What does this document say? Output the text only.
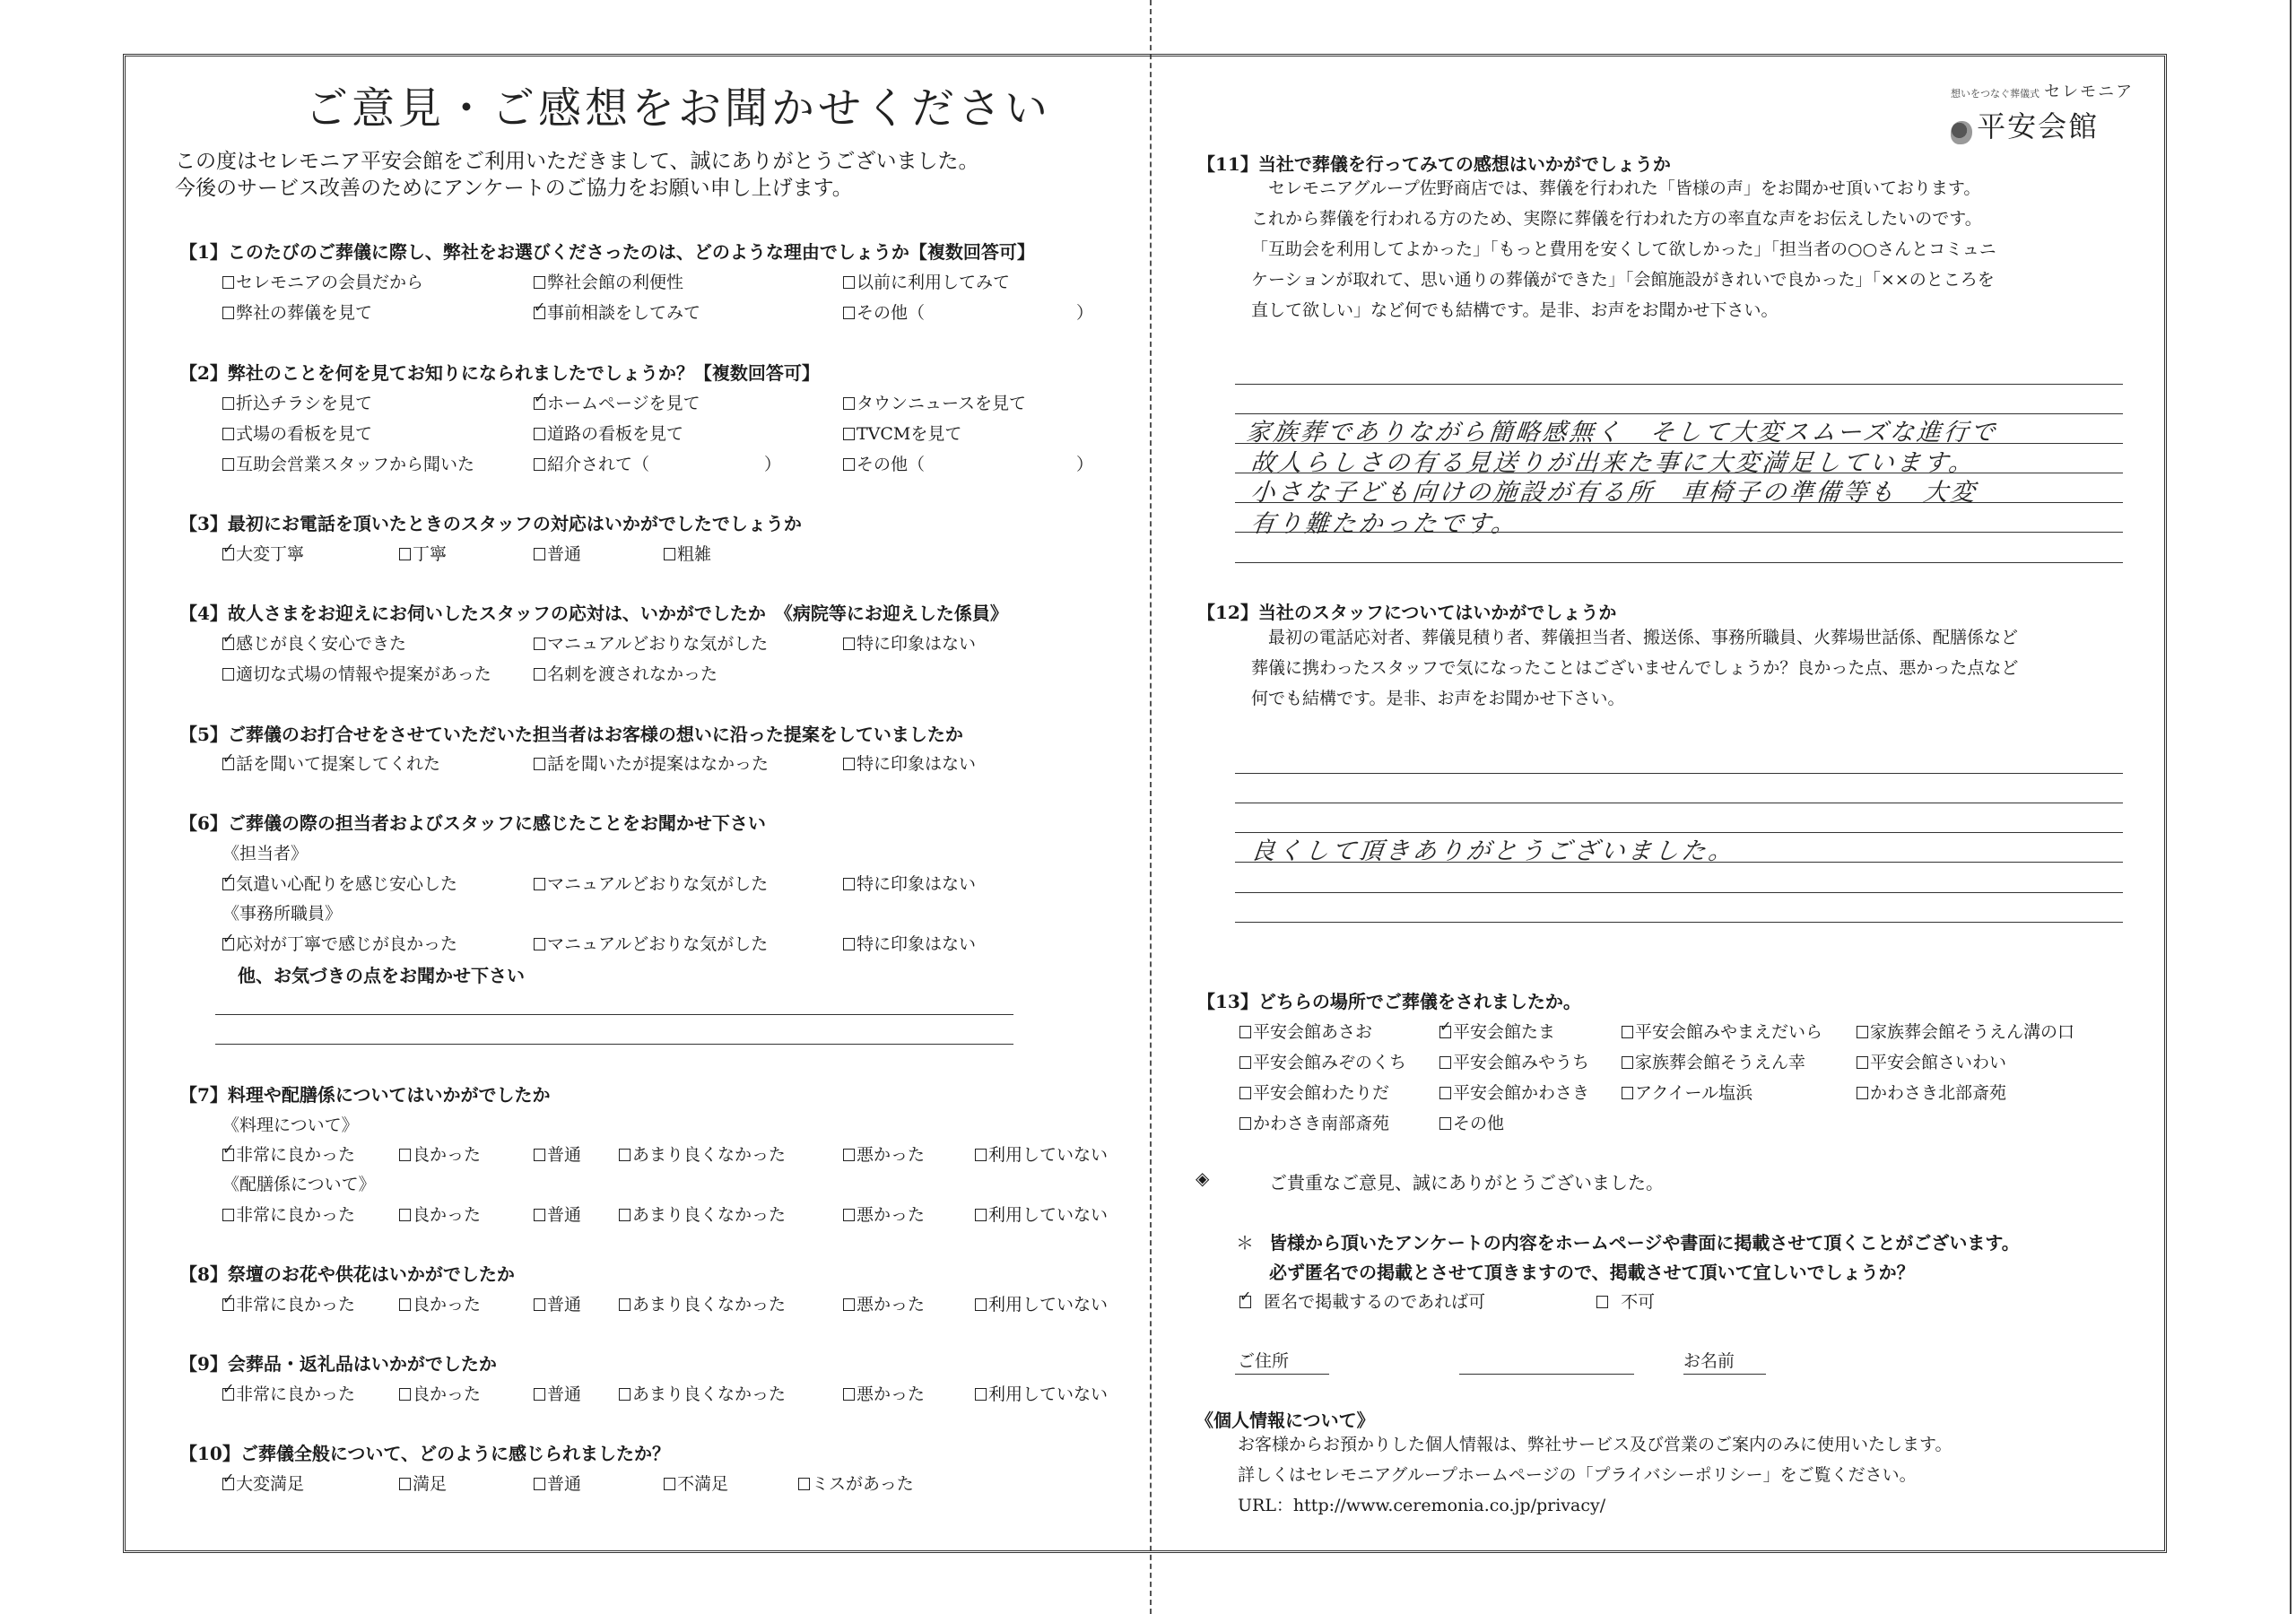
ご意見・ご感想をお聞かせください
この度はセレモニア平安会館をご利用いただきまして、誠にありがとうございました。
今後のサービス改善のためにアンケートのご協力をお願い申し上げます。
想いをつなぐ葬儀式 セレモニア
平安会館
【1】このたびのご葬儀に際し、弊社をお選びくださったのは、どのような理由でしょうか【複数回答可】
）
【2】弊社のことを何を見てお知りになられましたでしょうか？【複数回答可】
）	）
【3】最初にお電話を頂いたときのスタッフの対応はいかがでしたでしょうか
【4】故人さまをお迎えにお伺いしたスタッフの応対は、いかがでしたか　《病院等にお迎えした係員》
【5】ご葬儀のお打合せをさせていただいた担当者はお客様の想いに沿った提案をしていましたか
【6】ご葬儀の際の担当者およびスタッフに感じたことをお聞かせ下さい
《担当者》
《事務所職員》
他、お気づきの点をお聞かせ下さい
【7】料理や配膳係についてはいかがでしたか
《料理について》
《配膳係について》
【8】祭壇のお花や供花はいかがでしたか
【9】会葬品・返礼品はいかがでしたか
【10】ご葬儀全般について、どのように感じられましたか？
【11】当社で葬儀を行ってみての感想はいかがでしょうか
　セレモニアグループ佐野商店では、葬儀を行われた「皆様の声」をお聞かせ頂いております。
これから葬儀を行われる方のため、実際に葬儀を行われた方の率直な声をお伝えしたいのです。
「互助会を利用してよかった」「もっと費用を安くして欲しかった」「担当者の○○さんとコミュニ
ケーションが取れて、思い通りの葬儀ができた」「会館施設がきれいで良かった」「××のところを
直して欲しい」など何でも結構です。是非、お声をお聞かせ下さい。
家族葬でありながら簡略感無く　そして大変スムーズな進行で
故人らしさの有る見送りが出来た事に大変満足しています。
小さな子ども向けの施設が有る所　車椅子の準備等も　大変
有り難たかったです。
【12】当社のスタッフについてはいかがでしょうか
　最初の電話応対者、葬儀見積り者、葬儀担当者、搬送係、事務所職員、火葬場世話係、配膳係など
葬儀に携わったスタッフで気になったことはございませんでしょうか？良かった点、悪かった点など
何でも結構です。是非、お声をお聞かせ下さい。
良くして頂きありがとうございました。
【13】どちらの場所でご葬儀をされましたか。
◈	ご貴重なご意見、誠にありがとうございました。
＊ 皆様から頂いたアンケートの内容をホームページや書面に掲載させて頂くことがございます。
必ず匿名での掲載とさせて頂きますので、掲載させて頂いて宜しいでしょうか？
✓  匿名で掲載するのであれば可	不可
ご住所	お名前
《個人情報について》
お客様からお預かりした個人情報は、弊社サービス及び営業のご案内のみに使用いたします。
詳しくはセレモニアグループホームページの「プライバシーポリシー」をご覧ください。
URL：http://www.ceremonia.co.jp/privacy/
セレモニアの会員だから	弊社会館の利便性	以前に利用してみて
弊社の葬儀を見て ✓	事前相談をしてみて	その他（
折込チラシを見て ✓	ホームページを見て	タウンニュースを見て
式場の看板を見て	道路の看板を見て	TVCMを見て
互助会営業スタッフから聞いた	紹介されて（	その他（
✓大変丁寧	丁寧	普通	粗雑
✓感じが良く安心できた	マニュアルどおりな気がした	特に印象はない
適切な式場の情報や提案があった	名刺を渡されなかった
✓話を聞いて提案してくれた	話を聞いたが提案はなかった	特に印象はない
✓気遣い心配りを感じ安心した	マニュアルどおりな気がした	特に印象はない
✓応対が丁寧で感じが良かった	マニュアルどおりな気がした	特に印象はない
✓非常に良かった	良かった	普通	あまり良くなかった	悪かった	利用していない
非常に良かった	良かった	普通	あまり良くなかった	悪かった	利用していない
✓非常に良かった	良かった	普通	あまり良くなかった	悪かった	利用していない
✓非常に良かった	良かった	普通	あまり良くなかった	悪かった	利用していない
✓大変満足	満足	普通	不満足	ミスがあった
平安会館あさお ✓	平安会館たま	平安会館みやまえだいら	家族葬会館そうえん溝の口
平安会館みぞのくち	平安会館みやうち	家族葬会館そうえん幸	平安会館さいわい
平安会館わたりだ	平安会館かわさき	アクイール塩浜	かわさき北部斎苑
かわさき南部斎苑	その他
